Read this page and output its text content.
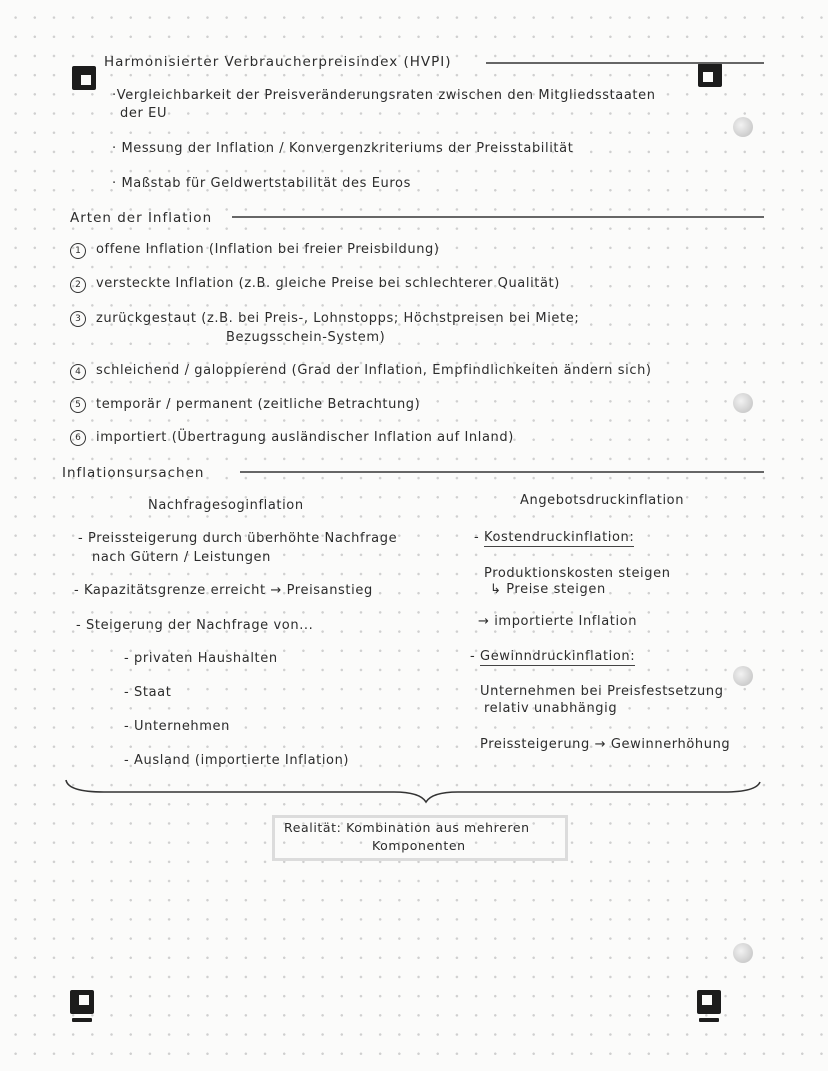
Harmonisierter Verbraucherpreisindex (HVPI)
·Vergleichbarkeit der Preisveränderungsraten zwischen den Mitgliedsstaaten
der EU
· Messung der Inflation / Konvergenzkriteriums der Preisstabilität
· Maßstab für Geldwertstabilität des Euros
Arten der Inflation
1	offene Inflation (Inflation bei freier Preisbildung)
2	versteckte Inflation (z.B. gleiche Preise bei schlechterer Qualität)
3	zurückgestaut (z.B. bei Preis-, Lohnstopps; Höchstpreisen bei Miete;
Bezugsschein-System)
4	schleichend / galoppierend (Grad der Inflation, Empfindlichkeiten ändern sich)
5	temporär / permanent (zeitliche Betrachtung)
6	importiert (Übertragung ausländischer Inflation auf Inland)
Inflationsursachen
Nachfragesoginflation
- Preissteigerung durch überhöhte Nachfrage
nach Gütern / Leistungen
- Kapazitätsgrenze erreicht → Preisanstieg
- Steigerung der Nachfrage von...
- privaten Haushalten
- Staat
- Unternehmen
- Ausland (importierte Inflation)
Angebotsdruckinflation
- Kostendruckinflation:
Produktionskosten steigen
↳ Preise steigen
→ importierte Inflation
- Gewinndruckinflation:
Unternehmen bei Preisfestsetzung
relativ unabhängig
Preissteigerung → Gewinnerhöhung
Realität: Kombination aus mehreren
Komponenten
